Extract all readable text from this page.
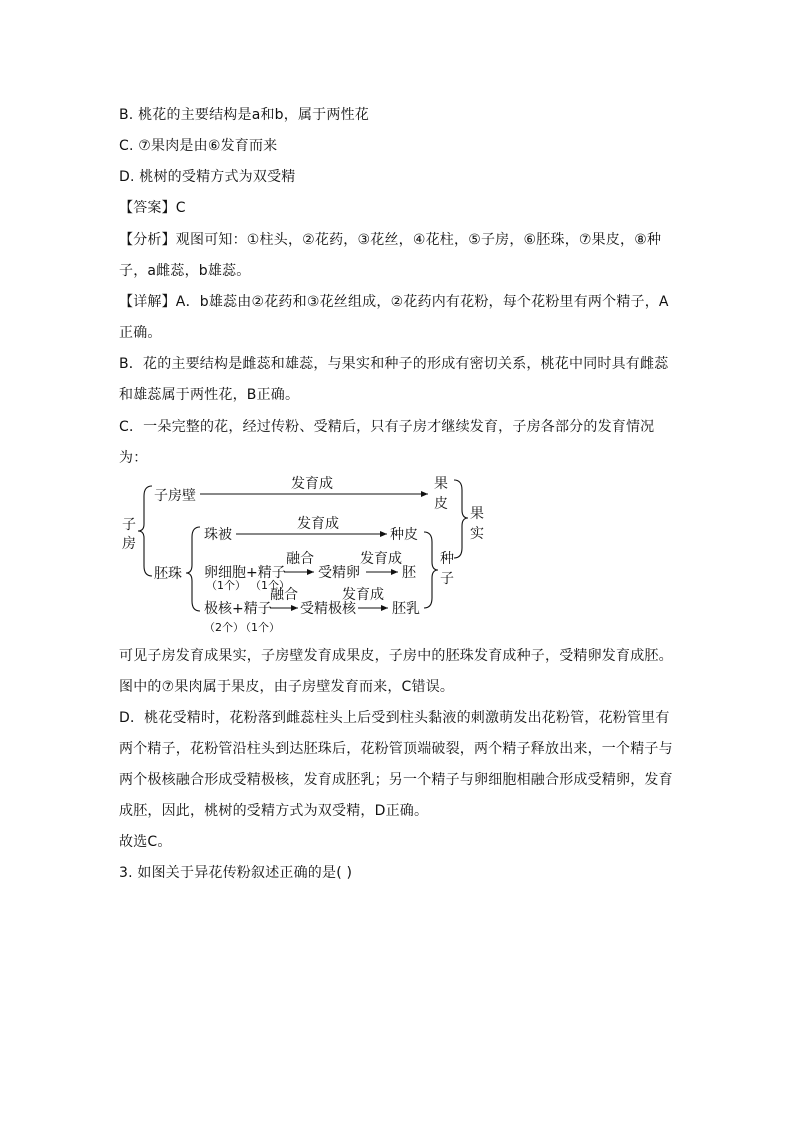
B. 桃花的主要结构是a和b，属于两性花
C. ⑦果肉是由⑥发育而来
D. 桃树的受精方式为双受精
【答案】C
【分析】观图可知：①柱头，②花药，③花丝，④花柱，⑤子房，⑥胚珠，⑦果皮，⑧种
子，a雌蕊，b雄蕊。
【详解】A．b雄蕊由②花药和③花丝组成，②花药内有花粉，每个花粉里有两个精子，A
正确。
B．花的主要结构是雌蕊和雄蕊，与果实和种子的形成有密切关系，桃花中同时具有雌蕊
和雄蕊属于两性花，B正确。
C．一朵完整的花，经过传粉、受精后，只有子房才继续发育，子房各部分的发育情况
为：
子
房
子房壁
发育成	果
皮
胚珠
珠被
发育成
种皮
卵细胞+精子
（1个） （1个）
融合
受精卵
发育成
胚
极核+精子
（2个）
（1个）
融合
受精极核
发育成
胚乳
种
子
果
实
可见子房发育成果实，子房壁发育成果皮，子房中的胚珠发育成种子，受精卵发育成胚。
图中的⑦果肉属于果皮，由子房壁发育而来，C错误。
D．桃花受精时，花粉落到雌蕊柱头上后受到柱头黏液的刺激萌发出花粉管，花粉管里有
两个精子，花粉管沿柱头到达胚珠后，花粉管顶端破裂，两个精子释放出来，一个精子与
两个极核融合形成受精极核，发育成胚乳；另一个精子与卵细胞相融合形成受精卵，发育
成胚，因此，桃树的受精方式为双受精，D正确。
故选C。
3. 如图关于异花传粉叙述正确的是( )
